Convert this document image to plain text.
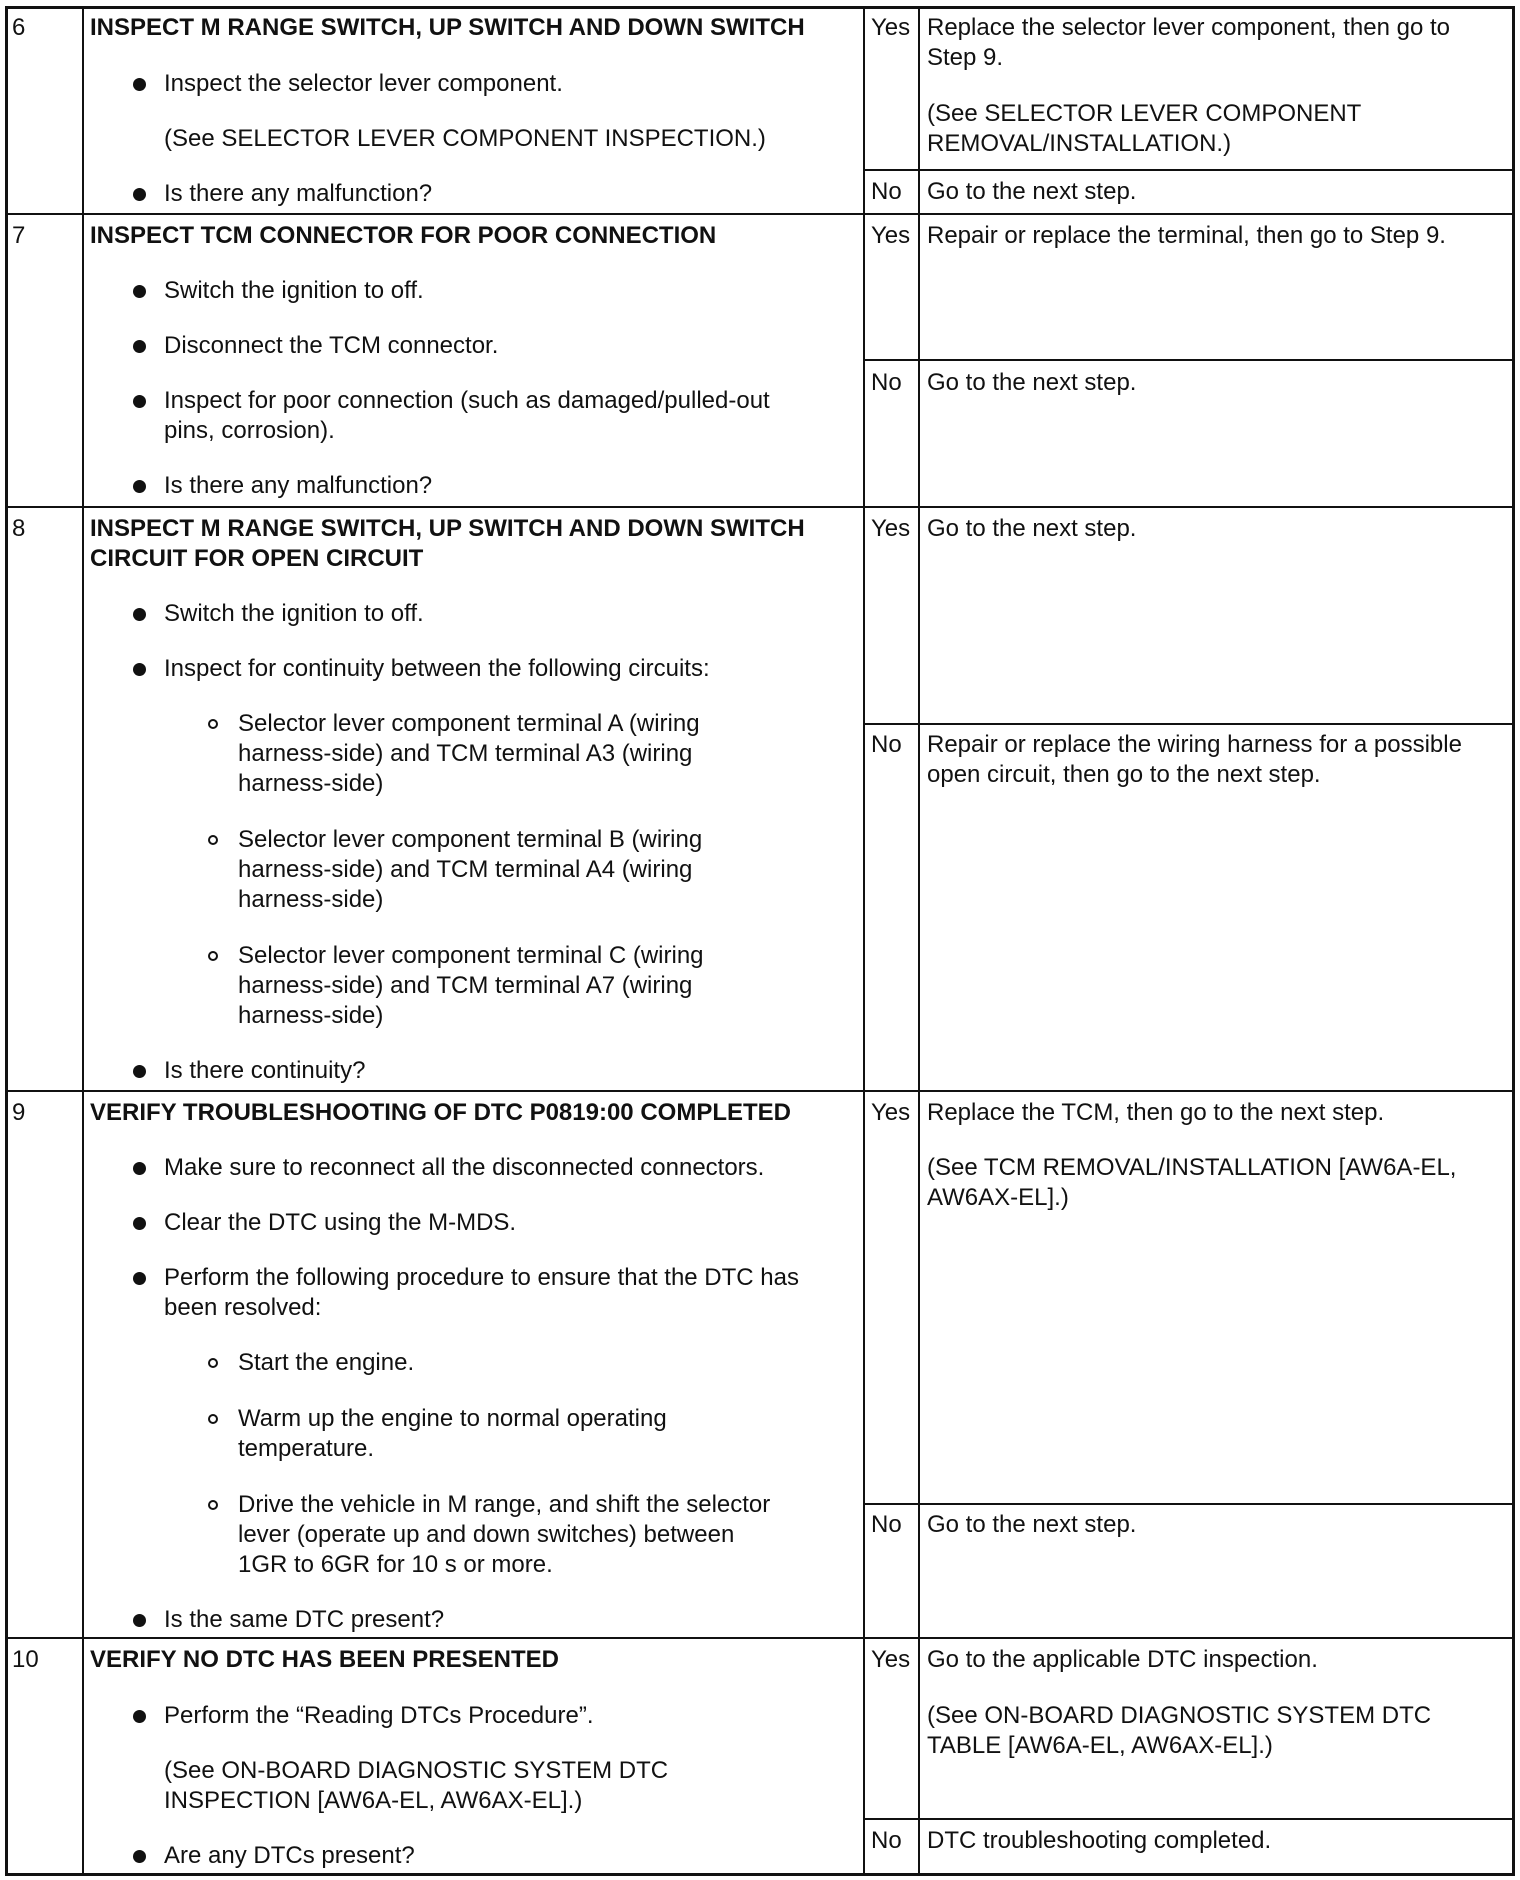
6	INSPECT M RANGE SWITCH, UP SWITCH AND DOWN SWITCH
Inspect the selector lever component.
(See SELECTOR LEVER COMPONENT INSPECTION.)
Is there any malfunction?
Yes Replace the selector lever component, then go to
Step 9.
(See SELECTOR LEVER COMPONENT
REMOVAL/INSTALLATION.)
No Go to the next step.
7	INSPECT TCM CONNECTOR FOR POOR CONNECTION
Switch the ignition to off.
Disconnect the TCM connector.
Inspect for poor connection (such as damaged/pulled-out
pins, corrosion).
Is there any malfunction?
Yes Repair or replace the terminal, then go to Step 9.
No Go to the next step.
8	INSPECT M RANGE SWITCH, UP SWITCH AND DOWN SWITCH
CIRCUIT FOR OPEN CIRCUIT
Switch the ignition to off.
Inspect for continuity between the following circuits:
Selector lever component terminal A (wiring
harness-side) and TCM terminal A3 (wiring
harness-side)
Selector lever component terminal B (wiring
harness-side) and TCM terminal A4 (wiring
harness-side)
Selector lever component terminal C (wiring
harness-side) and TCM terminal A7 (wiring
harness-side)
Is there continuity?
Yes Go to the next step.
No Repair or replace the wiring harness for a possible
open circuit, then go to the next step.
9	VERIFY TROUBLESHOOTING OF DTC P0819:00 COMPLETED
Make sure to reconnect all the disconnected connectors.
Clear the DTC using the M-MDS.
Perform the following procedure to ensure that the DTC has
been resolved:
Start the engine.
Warm up the engine to normal operating
temperature.
Drive the vehicle in M range, and shift the selector
lever (operate up and down switches) between
1GR to 6GR for 10 s or more.
Is the same DTC present?
Yes Replace the TCM, then go to the next step.
(See TCM REMOVAL/INSTALLATION [AW6A-EL,
AW6AX-EL].)
No Go to the next step.
10 VERIFY NO DTC HAS BEEN PRESENTED
Perform the “Reading DTCs Procedure”.
(See ON-BOARD DIAGNOSTIC SYSTEM DTC
INSPECTION [AW6A-EL, AW6AX-EL].)
Are any DTCs present?
Yes Go to the applicable DTC inspection.
(See ON-BOARD DIAGNOSTIC SYSTEM DTC
TABLE [AW6A-EL, AW6AX-EL].)
No DTC troubleshooting completed.
